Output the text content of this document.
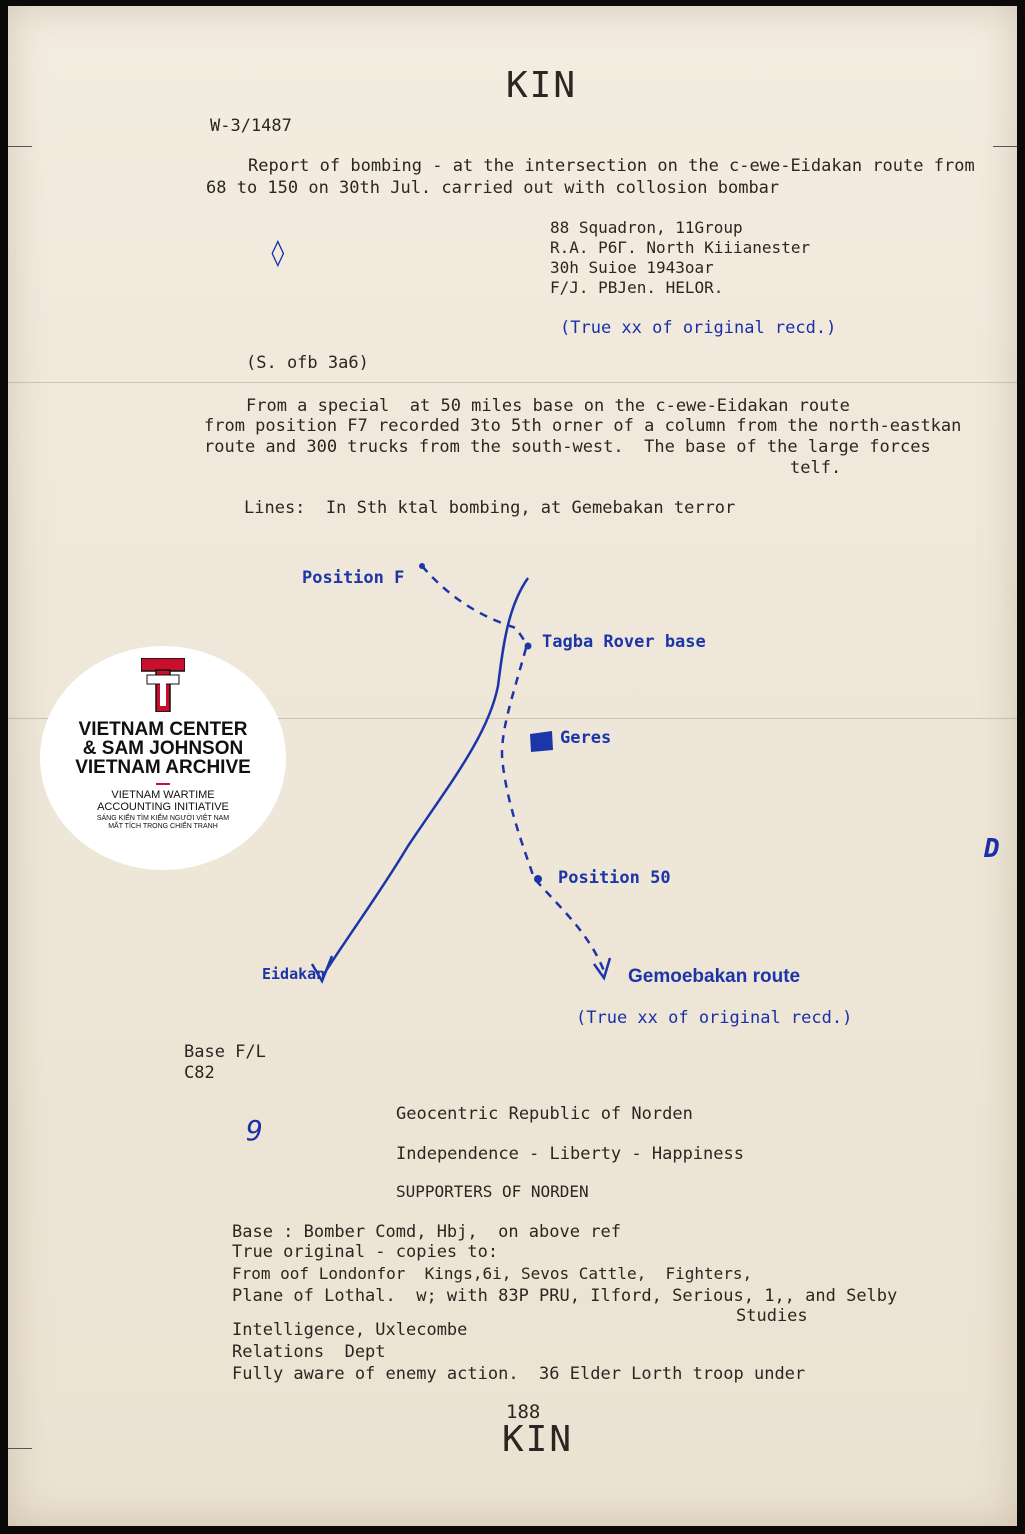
KIN
W-3/1487
Report of bombing - at the intersection on the c-ewe-Eidakan route from
68 to 150 on 30th Jul. carried out with collosion bombar
88 Squadron, 11Group
R.A. P6Γ. North Kiiianester
30h Suioe 1943oar
F/J. PBJen. HELOR.
◊
(True xx of original recd.)
(S. ofb 3a6)
From a special  at 50 miles base on the c-ewe-Eidakan route
from position F7 recorded 3to 5th orner of a column from the north-eastkan
route and 300 trucks from the south-west.  The base of the large forces
telf.
Lines:  In Sth ktal bombing, at Gemebakan terror
Position F
Tagba Rover base
Geres
Position 50
Eidakan	Gemoebakan route
D
(True xx of original recd.)
Base F/L
C82
9	Geocentric Republic of Norden
Independence - Liberty - Happiness
SUPPORTERS OF NORDEN
Base : Bomber Comd, Hbj,  on above ref
True original - copies to:
From oof Londonfor  Kings,6i, Sevos Cattle,  Fighters,
Plane of Lothal.  w; with 83P PRU, Ilford, Serious, 1,, and Selby
Studies
Intelligence, Uxlecombe
Relations  Dept
Fully aware of enemy action.  36 Elder Lorth troop under
188
KIN
VIETNAM CENTER
& SAM JOHNSON
VIETNAM ARCHIVE
VIETNAM WARTIME
ACCOUNTING INITIATIVE
SÁNG KIẾN TÌM KIẾM NGƯỜI VIỆT NAM
MẤT TÍCH TRONG CHIẾN TRANH
